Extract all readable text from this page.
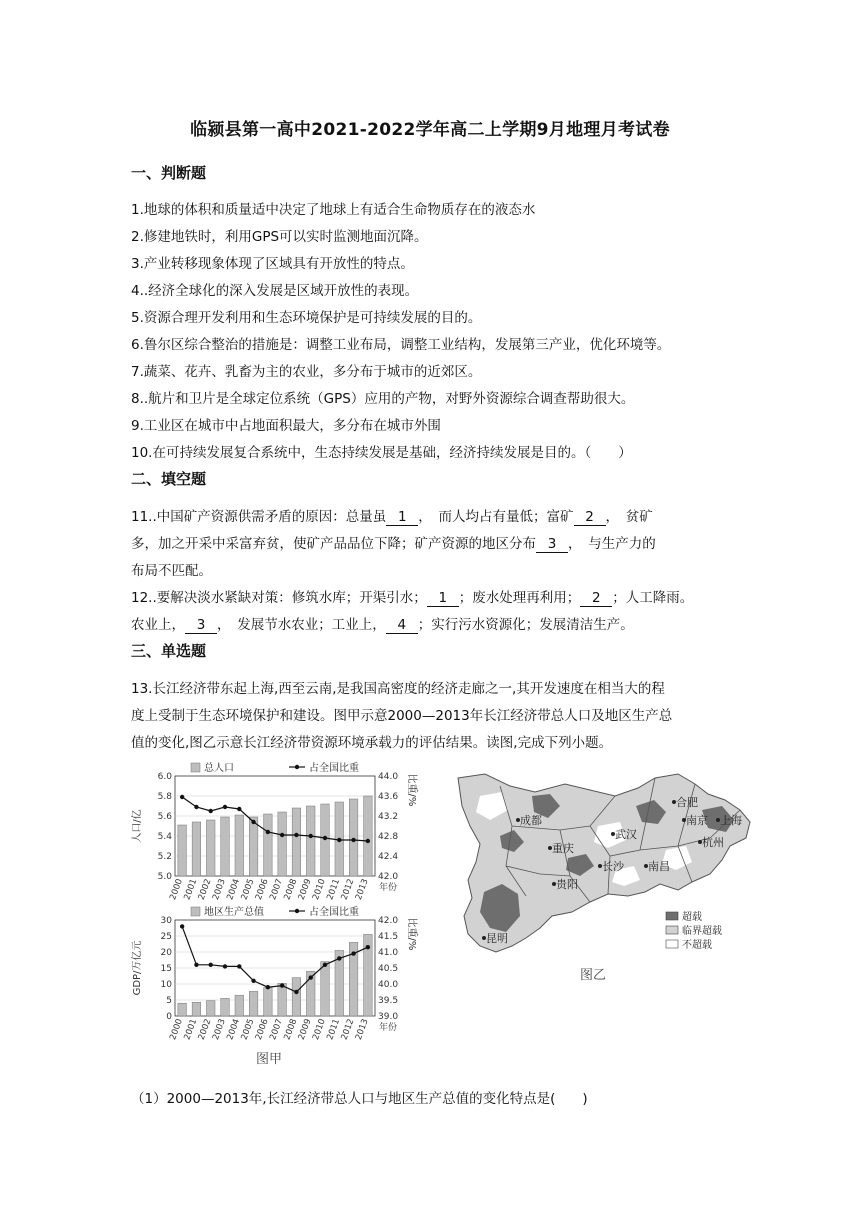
临颍县第一高中2021-2022学年高二上学期9月地理月考试卷
一、判断题
1.地球的体积和质量适中决定了地球上有适合生命物质存在的液态水
2.修建地铁时，利用GPS可以实时监测地面沉降。
3.产业转移现象体现了区域具有开放性的特点。
4..经济全球化的深入发展是区域开放性的表现。
5.资源合理开发利用和生态环境保护是可持续发展的目的。
6.鲁尔区综合整治的措施是：调整工业布局，调整工业结构，发展第三产业，优化环境等。
7.蔬菜、花卉、乳畜为主的农业，多分布于城市的近郊区。
8..航片和卫片是全球定位系统（GPS）应用的产物，对野外资源综合调查帮助很大。
9.工业区在城市中占地面积最大，多分布在城市外围
10.在可持续发展复合系统中，生态持续发展是基础，经济持续发展是目的。（　　）
二、填空题
11..中国矿产资源供需矛盾的原因：总量虽 1 ，　而人均占有量低；富矿 2 ，　贫矿
多，加之开采中采富弃贫，使矿产品品位下降；矿产资源的地区分布 3 ，　与生产力的
布局不匹配。
12..要解决淡水紧缺对策：修筑水库；开渠引水； 1 ；废水处理再利用； 2 ；人工降雨。
农业上， 3 ，　发展节水农业；工业上， 4 ；实行污水资源化；发展清洁生产。
三、单选题
13.长江经济带东起上海,西至云南,是我国高密度的经济走廊之一,其开发速度在相当大的程
度上受制于生态环境保护和建设。图甲示意2000—2013年长江经济带总人口及地区生产总
值的变化,图乙示意长江经济带资源环境承载力的评估结果。读图,完成下列小题。
5.0
5.2
5.4
5.6
5.8
6.0
42.0
42.4
42.8
43.2
43.6
44.0
2000
2001
2002
2003
2004
2005
2006
2007
2008
2009
2010
2011
2012
2013
人口/亿
比重/%
年份
总人口	占全国比重
0
5
10
15
20
25
30
39.0
39.5
40.0
40.5
41.0
41.5
42.0
2000
2001
2002
2003
2004
2005
2006
2007
2008
2009
2010
2011
2012
2013
GDP/万亿元
比重/%
年份
地区生产总值	占全国比重
图甲
成都
重庆
武汉
合肥
南京 上海
杭州
长沙 南昌
贵阳
昆明
超载
临界超载
不超载
图乙
（1）2000—2013年,长江经济带总人口与地区生产总值的变化特点是(　　)
